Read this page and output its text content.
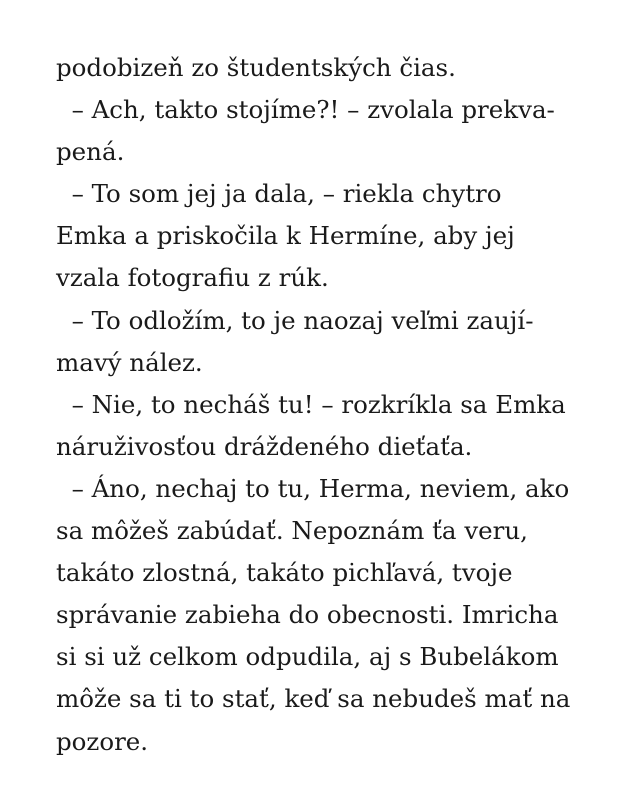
podobizeň zo študentských čias.
– Ach, takto stojíme?! – zvolala prekva-
pená.
– To som jej ja dala, – riekla chytro
Emka a priskočila k Hermíne, aby jej
vzala fotografiu z rúk.
– To odložím, to je naozaj veľmi zaují-
mavý nález.
– Nie, to necháš tu! – rozkríkla sa Emka
náruživosťou dráždeného dieťaťa.
– Áno, nechaj to tu, Herma, neviem, ako
sa môžeš zabúdať. Nepoznám ťa veru,
takáto zlostná, takáto pichľavá, tvoje
správanie zabieha do obecnosti. Imricha
si si už celkom odpudila, aj s Bubelákom
môže sa ti to stať, keď sa nebudeš mať na
pozore.
